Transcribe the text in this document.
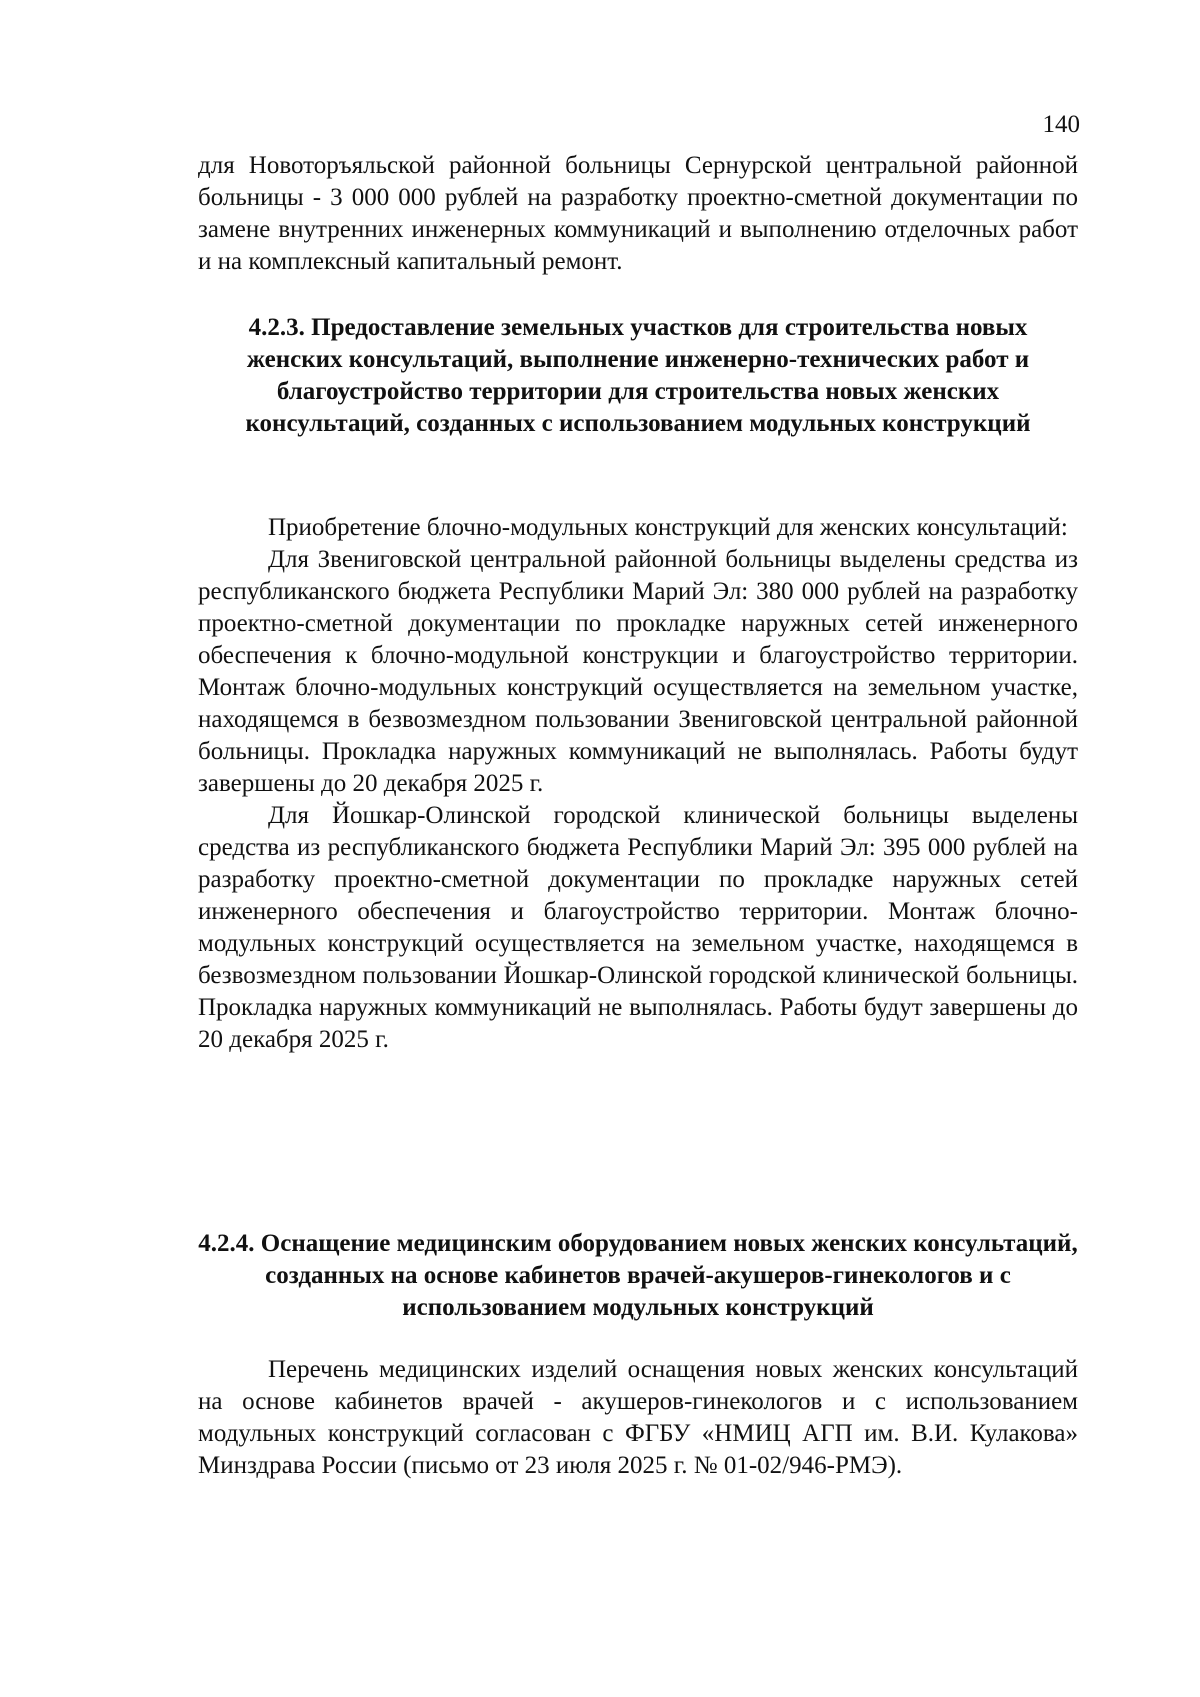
140

для Новоторъяльской районной больницы Сернурской центральной районной больницы - 3 000 000 рублей на разработку проектно-сметной документации по замене внутренних инженерных коммуникаций и выполнению отделочных работ и на комплексный капитальный ремонт.

4.2.3. Предоставление земельных участков для строительства новых женских консультаций, выполнение инженерно-технических работ и благоустройство территории для строительства новых женских консультаций, созданных с использованием модульных конструкций

Приобретение блочно-модульных конструкций для женских консультаций:

Для Звениговской центральной районной больницы выделены средства из республиканского бюджета Республики Марий Эл: 380 000 рублей на разработку проектно-сметной документации по прокладке наружных сетей инженерного обеспечения к блочно-модульной конструкции и благоустройство территории. Монтаж блочно-модульных конструкций осуществляется на земельном участке, находящемся в безвозмездном пользовании Звениговской центральной районной больницы. Прокладка наружных коммуникаций не выполнялась. Работы будут завершены до 20 декабря 2025 г.

Для Йошкар-Олинской городской клинической больницы выделены средства из республиканского бюджета Республики Марий Эл: 395 000 рублей на разработку проектно-сметной документации по прокладке наружных сетей инженерного обеспечения и благоустройство территории. Монтаж блочно-модульных конструкций осуществляется на земельном участке, находящемся в безвозмездном пользовании Йошкар-Олинской городской клинической больницы. Прокладка наружных коммуникаций не выполнялась. Работы будут завершены до 20 декабря 2025 г.

4.2.4. Оснащение медицинским оборудованием новых женских консультаций, созданных на основе кабинетов врачей-акушеров-гинекологов и с использованием модульных конструкций

Перечень медицинских изделий оснащения новых женских консультаций на основе кабинетов врачей - акушеров-гинекологов и с использованием модульных конструкций согласован с ФГБУ «НМИЦ АГП им. В.И. Кулакова» Минздрава России (письмо от 23 июля 2025 г. № 01-02/946-РМЭ).
